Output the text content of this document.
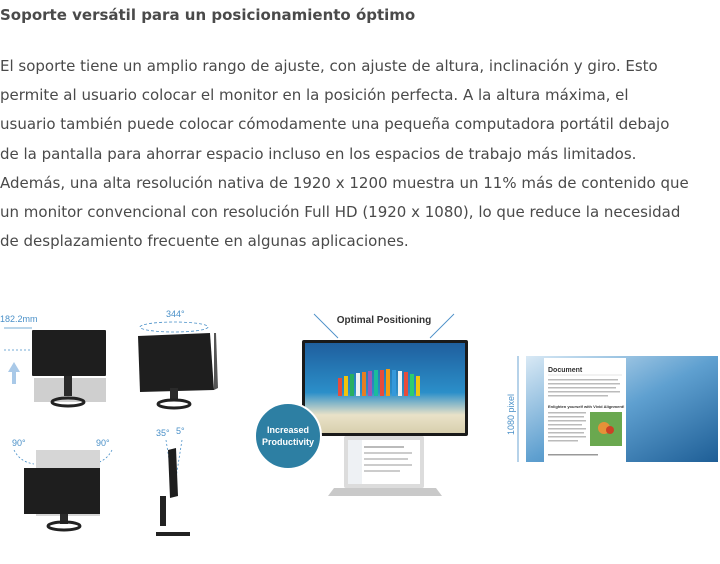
Soporte versátil para un posicionamiento óptimo
El soporte tiene un amplio rango de ajuste, con ajuste de altura, inclinación y giro. Esto
permite al usuario colocar el monitor en la posición perfecta. A la altura máxima, el
usuario también puede colocar cómodamente una pequeña computadora portátil debajo
de la pantalla para ahorrar espacio incluso en los espacios de trabajo más limitados.
Además, una alta resolución nativa de 1920 x 1200 muestra un 11% más de contenido que
un monitor convencional con resolución Full HD (1920 x 1080), lo que reduce la necesidad
de desplazamiento frecuente en algunas aplicaciones.
182.2mm	344°
90°	90°
35° 5°
Optimal Positioning
Increased
Productivity
1080 pixel
Document
Enlighten yourself with Vivid Alignment!
